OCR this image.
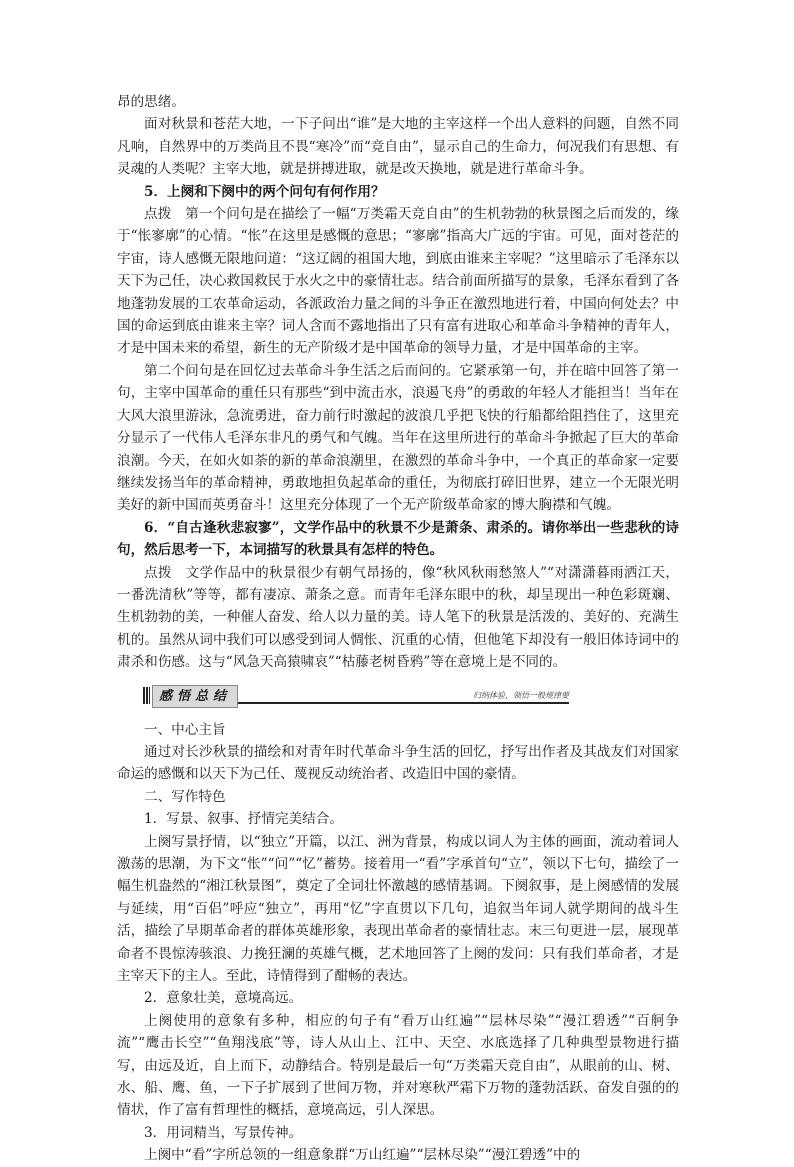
昂的思绪。

面对秋景和苍茫大地，一下子问出“谁”是大地的主宰这样一个出人意料的问题，自然不同凡响，自然界中的万类尚且不畏“寒冷”而“竞自由”，显示自己的生命力，何况我们有思想、有灵魂的人类呢？主宰大地，就是拼搏进取，就是改天换地，就是进行革命斗争。

5．上阕和下阕中的两个问句有何作用？

点拨　第一个问句是在描绘了一幅“万类霜天竞自由”的生机勃勃的秋景图之后而发的，缘于“怅寥廓”的心情。“怅”在这里是感慨的意思；“寥廓”指高大广远的宇宙。可见，面对苍茫的宇宙，诗人感慨无限地问道：“这辽阔的祖国大地，到底由谁来主宰呢？”这里暗示了毛泽东以天下为己任，决心救国救民于水火之中的豪情壮志。结合前面所描写的景象，毛泽东看到了各地蓬勃发展的工农革命运动，各派政治力量之间的斗争正在激烈地进行着，中国向何处去？中国的命运到底由谁来主宰？词人含而不露地指出了只有富有进取心和革命斗争精神的青年人，才是中国未来的希望，新生的无产阶级才是中国革命的领导力量，才是中国革命的主宰。

第二个问句是在回忆过去革命斗争生活之后而问的。它紧承第一句，并在暗中回答了第一句，主宰中国革命的重任只有那些“到中流击水，浪遏飞舟”的勇敢的年轻人才能担当！当年在大风大浪里游泳，急流勇进，奋力前行时激起的波浪几乎把飞快的行船都给阻挡住了，这里充分显示了一代伟人毛泽东非凡的勇气和气魄。当年在这里所进行的革命斗争掀起了巨大的革命浪潮。今天，在如火如荼的新的革命浪潮里，在激烈的革命斗争中，一个真正的革命家一定要继续发扬当年的革命精神，勇敢地担负起革命的重任，为彻底打碎旧世界，建立一个无限光明美好的新中国而英勇奋斗！这里充分体现了一个无产阶级革命家的博大胸襟和气魄。

6．“自古逢秋悲寂寥”，文学作品中的秋景不少是萧条、肃杀的。请你举出一些悲秋的诗句，然后思考一下，本词描写的秋景具有怎样的特色。

点拨　文学作品中的秋景很少有朝气昂扬的，像“秋风秋雨愁煞人”“对潇潇暮雨洒江天，一番洗清秋”等等，都有凄凉、萧条之意。而青年毛泽东眼中的秋，却呈现出一种色彩斑斓、生机勃勃的美，一种催人奋发、给人以力量的美。诗人笔下的秋景是活泼的、美好的、充满生机的。虽然从词中我们可以感受到词人惆怅、沉重的心情，但他笔下却没有一般旧体诗词中的肃杀和伤感。这与“风急天高猿啸哀”“枯藤老树昏鸦”等在意境上是不同的。

感悟总结	归纳体验，领悟一般规律要

一、中心主旨

通过对长沙秋景的描绘和对青年时代革命斗争生活的回忆，抒写出作者及其战友们对国家命运的感慨和以天下为己任、蔑视反动统治者、改造旧中国的豪情。

二、写作特色

1．写景、叙事、抒情完美结合。

上阕写景抒情，以“独立”开篇，以江、洲为背景，构成以词人为主体的画面，流动着词人激荡的思潮，为下文“怅”“问”“忆”蓄势。接着用一“看”字承首句“立”，领以下七句，描绘了一幅生机盎然的“湘江秋景图”，奠定了全词壮怀激越的感情基调。下阕叙事，是上阕感情的发展与延续，用“百侣”呼应“独立”，再用“忆”字直贯以下几句，追叙当年词人就学期间的战斗生活，描绘了早期革命者的群体英雄形象，表现出革命者的豪情壮志。末三句更进一层，展现革命者不畏惊涛骇浪、力挽狂澜的英雄气概，艺术地回答了上阕的发问：只有我们革命者，才是主宰天下的主人。至此，诗情得到了酣畅的表达。

2．意象壮美，意境高远。

上阕使用的意象有多种，相应的句子有“看万山红遍”“层林尽染”“漫江碧透”“百舸争流”“鹰击长空”“鱼翔浅底”等，诗人从山上、江中、天空、水底选择了几种典型景物进行描写，由远及近，自上而下，动静结合。特别是最后一句“万类霜天竞自由”，从眼前的山、树、水、船、鹰、鱼，一下子扩展到了世间万物，并对寒秋严霜下万物的蓬勃活跃、奋发自强的的情状，作了富有哲理性的概括，意境高远，引人深思。

3．用词精当，写景传神。

上阕中“看”字所总领的一组意象群“万山红遍”“层林尽染”“漫江碧透”中的
